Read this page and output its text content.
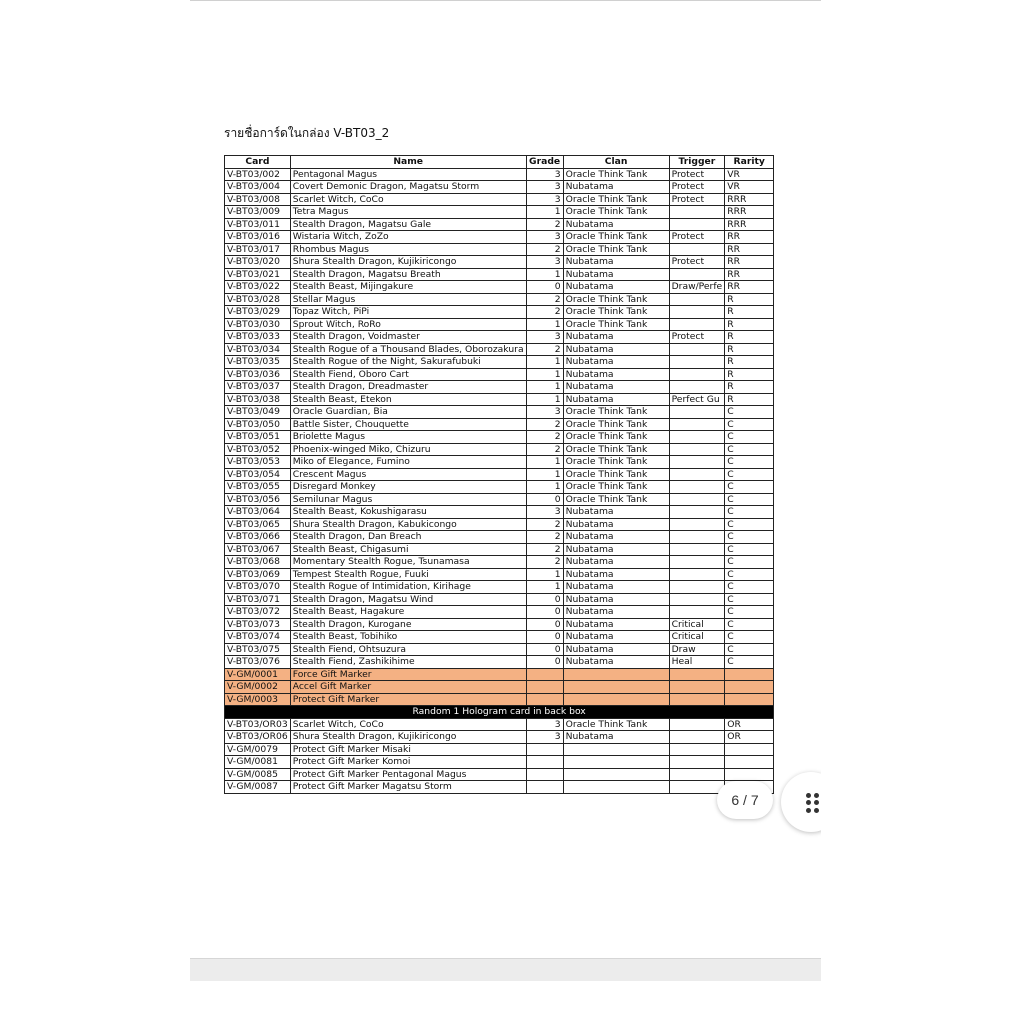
รายชื่อการ์ดในกล่อง V-BT03_2
Card	Name	Grade	Clan	Trigger	Rarity
V-BT03/002	Pentagonal Magus	3	Oracle Think Tank	Protect	VR
V-BT03/004	Covert Demonic Dragon, Magatsu Storm	3	Nubatama	Protect	VR
V-BT03/008	Scarlet Witch, CoCo	3	Oracle Think Tank	Protect	RRR
V-BT03/009	Tetra Magus	1	Oracle Think Tank		RRR
V-BT03/011	Stealth Dragon, Magatsu Gale	2	Nubatama		RRR
V-BT03/016	Wistaria Witch, ZoZo	3	Oracle Think Tank	Protect	RR
V-BT03/017	Rhombus Magus	2	Oracle Think Tank		RR
V-BT03/020	Shura Stealth Dragon, Kujikiricongo	3	Nubatama	Protect	RR
V-BT03/021	Stealth Dragon, Magatsu Breath	1	Nubatama		RR
V-BT03/022	Stealth Beast, Mijingakure	0	Nubatama	Draw/Perfe	RR
V-BT03/028	Stellar Magus	2	Oracle Think Tank		R
V-BT03/029	Topaz Witch, PiPi	2	Oracle Think Tank		R
V-BT03/030	Sprout Witch, RoRo	1	Oracle Think Tank		R
V-BT03/033	Stealth Dragon, Voidmaster	3	Nubatama	Protect	R
V-BT03/034	Stealth Rogue of a Thousand Blades, Oborozakura	2	Nubatama		R
V-BT03/035	Stealth Rogue of the Night, Sakurafubuki	1	Nubatama		R
V-BT03/036	Stealth Fiend, Oboro Cart	1	Nubatama		R
V-BT03/037	Stealth Dragon, Dreadmaster	1	Nubatama		R
V-BT03/038	Stealth Beast, Etekon	1	Nubatama	Perfect Gu	R
V-BT03/049	Oracle Guardian, Bia	3	Oracle Think Tank		C
V-BT03/050	Battle Sister, Chouquette	2	Oracle Think Tank		C
V-BT03/051	Briolette Magus	2	Oracle Think Tank		C
V-BT03/052	Phoenix-winged Miko, Chizuru	2	Oracle Think Tank		C
V-BT03/053	Miko of Elegance, Fumino	1	Oracle Think Tank		C
V-BT03/054	Crescent Magus	1	Oracle Think Tank		C
V-BT03/055	Disregard Monkey	1	Oracle Think Tank		C
V-BT03/056	Semilunar Magus	0	Oracle Think Tank		C
V-BT03/064	Stealth Beast, Kokushigarasu	3	Nubatama		C
V-BT03/065	Shura Stealth Dragon, Kabukicongo	2	Nubatama		C
V-BT03/066	Stealth Dragon, Dan Breach	2	Nubatama		C
V-BT03/067	Stealth Beast, Chigasumi	2	Nubatama		C
V-BT03/068	Momentary Stealth Rogue, Tsunamasa	2	Nubatama		C
V-BT03/069	Tempest Stealth Rogue, Fuuki	1	Nubatama		C
V-BT03/070	Stealth Rogue of Intimidation, Kirihage	1	Nubatama		C
V-BT03/071	Stealth Dragon, Magatsu Wind	0	Nubatama		C
V-BT03/072	Stealth Beast, Hagakure	0	Nubatama		C
V-BT03/073	Stealth Dragon, Kurogane	0	Nubatama	Critical	C
V-BT03/074	Stealth Beast, Tobihiko	0	Nubatama	Critical	C
V-BT03/075	Stealth Fiend, Ohtsuzura	0	Nubatama	Draw	C
V-BT03/076	Stealth Fiend, Zashikihime	0	Nubatama	Heal	C
V-GM/0001	Force Gift Marker				
V-GM/0002	Accel Gift Marker				
V-GM/0003	Protect Gift Marker				
Random 1 Hologram card in back box					
V-BT03/OR03	Scarlet Witch, CoCo	3	Oracle Think Tank		OR
V-BT03/OR06	Shura Stealth Dragon, Kujikiricongo	3	Nubatama		OR
V-GM/0079	Protect Gift Marker Misaki				
V-GM/0081	Protect Gift Marker Komoi				
V-GM/0085	Protect Gift Marker Pentagonal Magus				
V-GM/0087	Protect Gift Marker Magatsu Storm				
6 / 7
